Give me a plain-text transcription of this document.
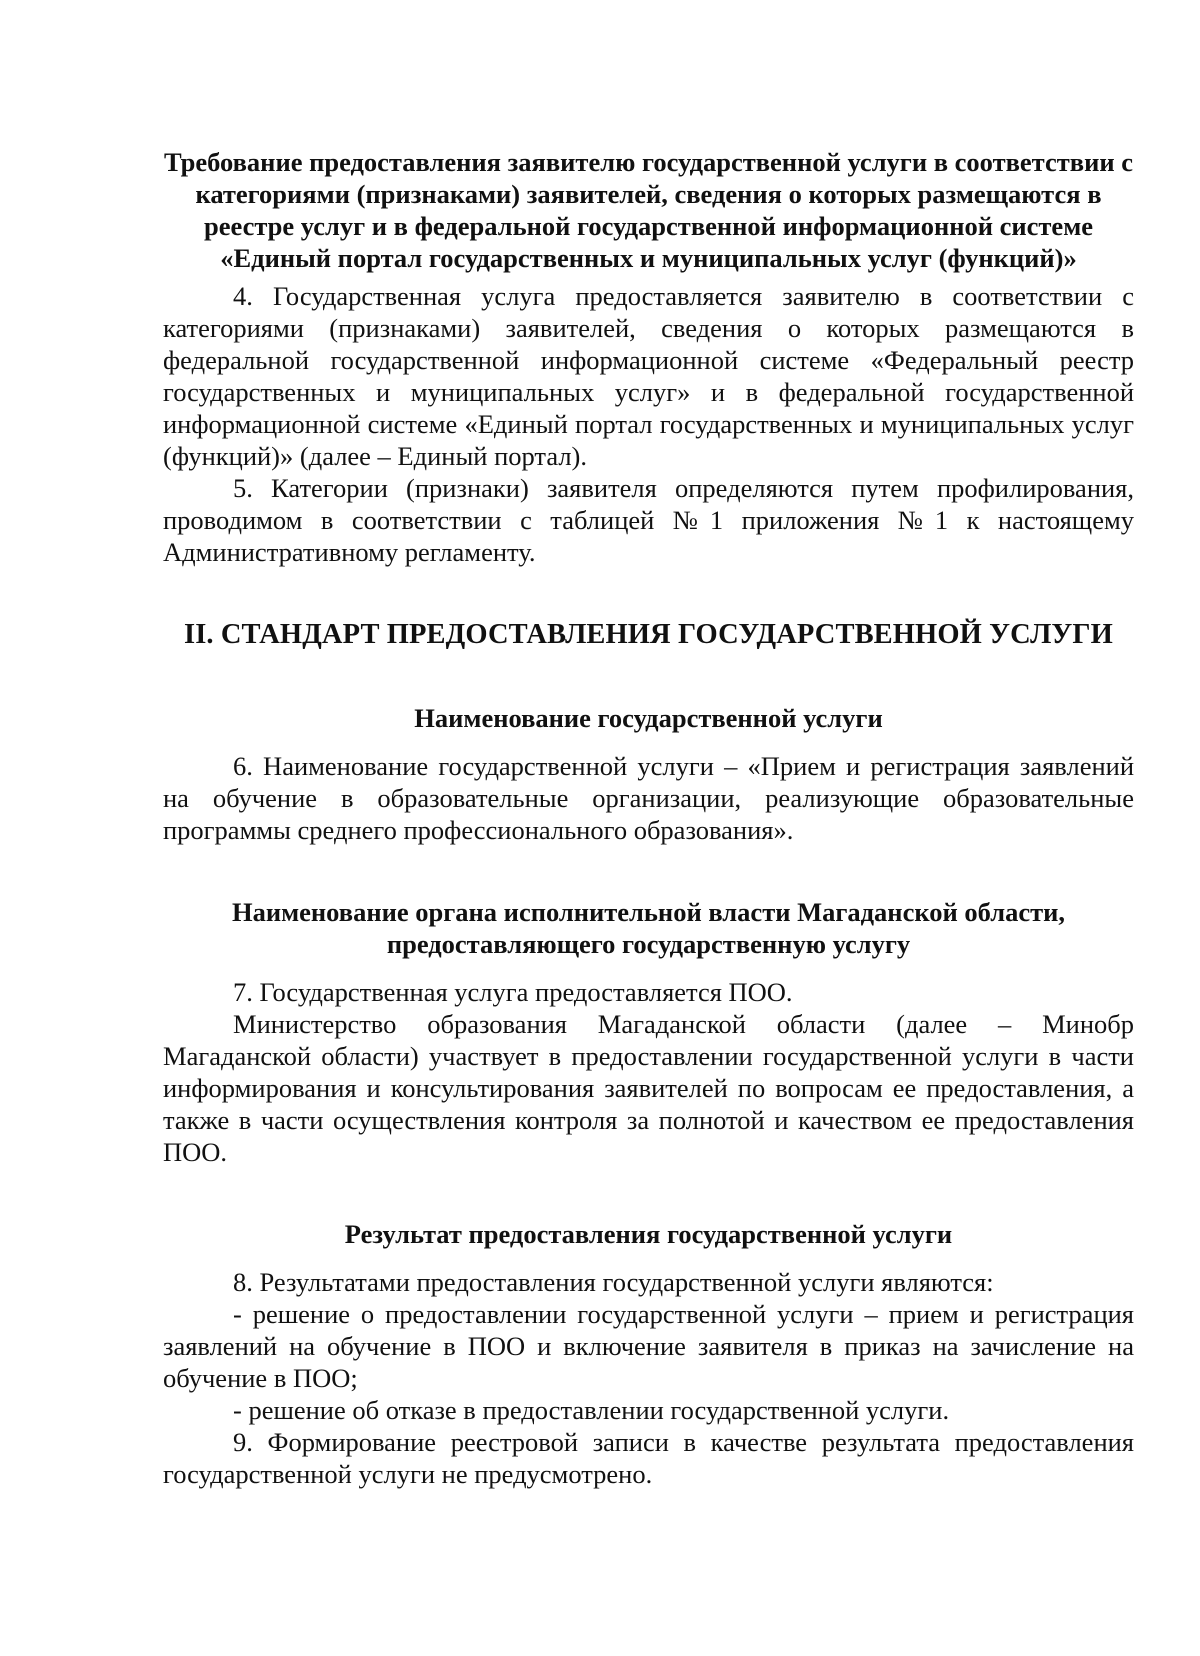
Требование предоставления заявителю государственной услуги в соответствии с категориями (признаками) заявителей, сведения о которых размещаются в реестре услуг и в федеральной государственной информационной системе «Единый портал государственных и муниципальных услуг (функций)»

4. Государственная услуга предоставляется заявителю в соответствии с категориями (признаками) заявителей, сведения о которых размещаются в федеральной государственной информационной системе «Федеральный реестр государственных и муниципальных услуг» и в федеральной государственной информационной системе «Единый портал государственных и муниципальных услуг (функций)» (далее – Единый портал).

5. Категории (признаки) заявителя определяются путем профилирования, проводимом в соответствии с таблицей №1 приложения №1 к настоящему Административному регламенту.

II. СТАНДАРТ ПРЕДОСТАВЛЕНИЯ ГОСУДАРСТВЕННОЙ УСЛУГИ

Наименование государственной услуги

6. Наименование государственной услуги – «Прием и регистрация заявлений на обучение в образовательные организации, реализующие образовательные программы среднего профессионального образования».

Наименование органа исполнительной власти Магаданской области, предоставляющего государственную услугу

7. Государственная услуга предоставляется ПОО.

Министерство образования Магаданской области (далее – Минобр Магаданской области) участвует в предоставлении государственной услуги в части информирования и консультирования заявителей по вопросам ее предоставления, а также в части осуществления контроля за полнотой и качеством ее предоставления ПОО.

Результат предоставления государственной услуги

8. Результатами предоставления государственной услуги являются:

- решение о предоставлении государственной услуги – прием и регистрация заявлений на обучение в ПОО и включение заявителя в приказ на зачисление на обучение в ПОО;

- решение об отказе в предоставлении государственной услуги.

9. Формирование реестровой записи в качестве результата предоставления государственной услуги не предусмотрено.
